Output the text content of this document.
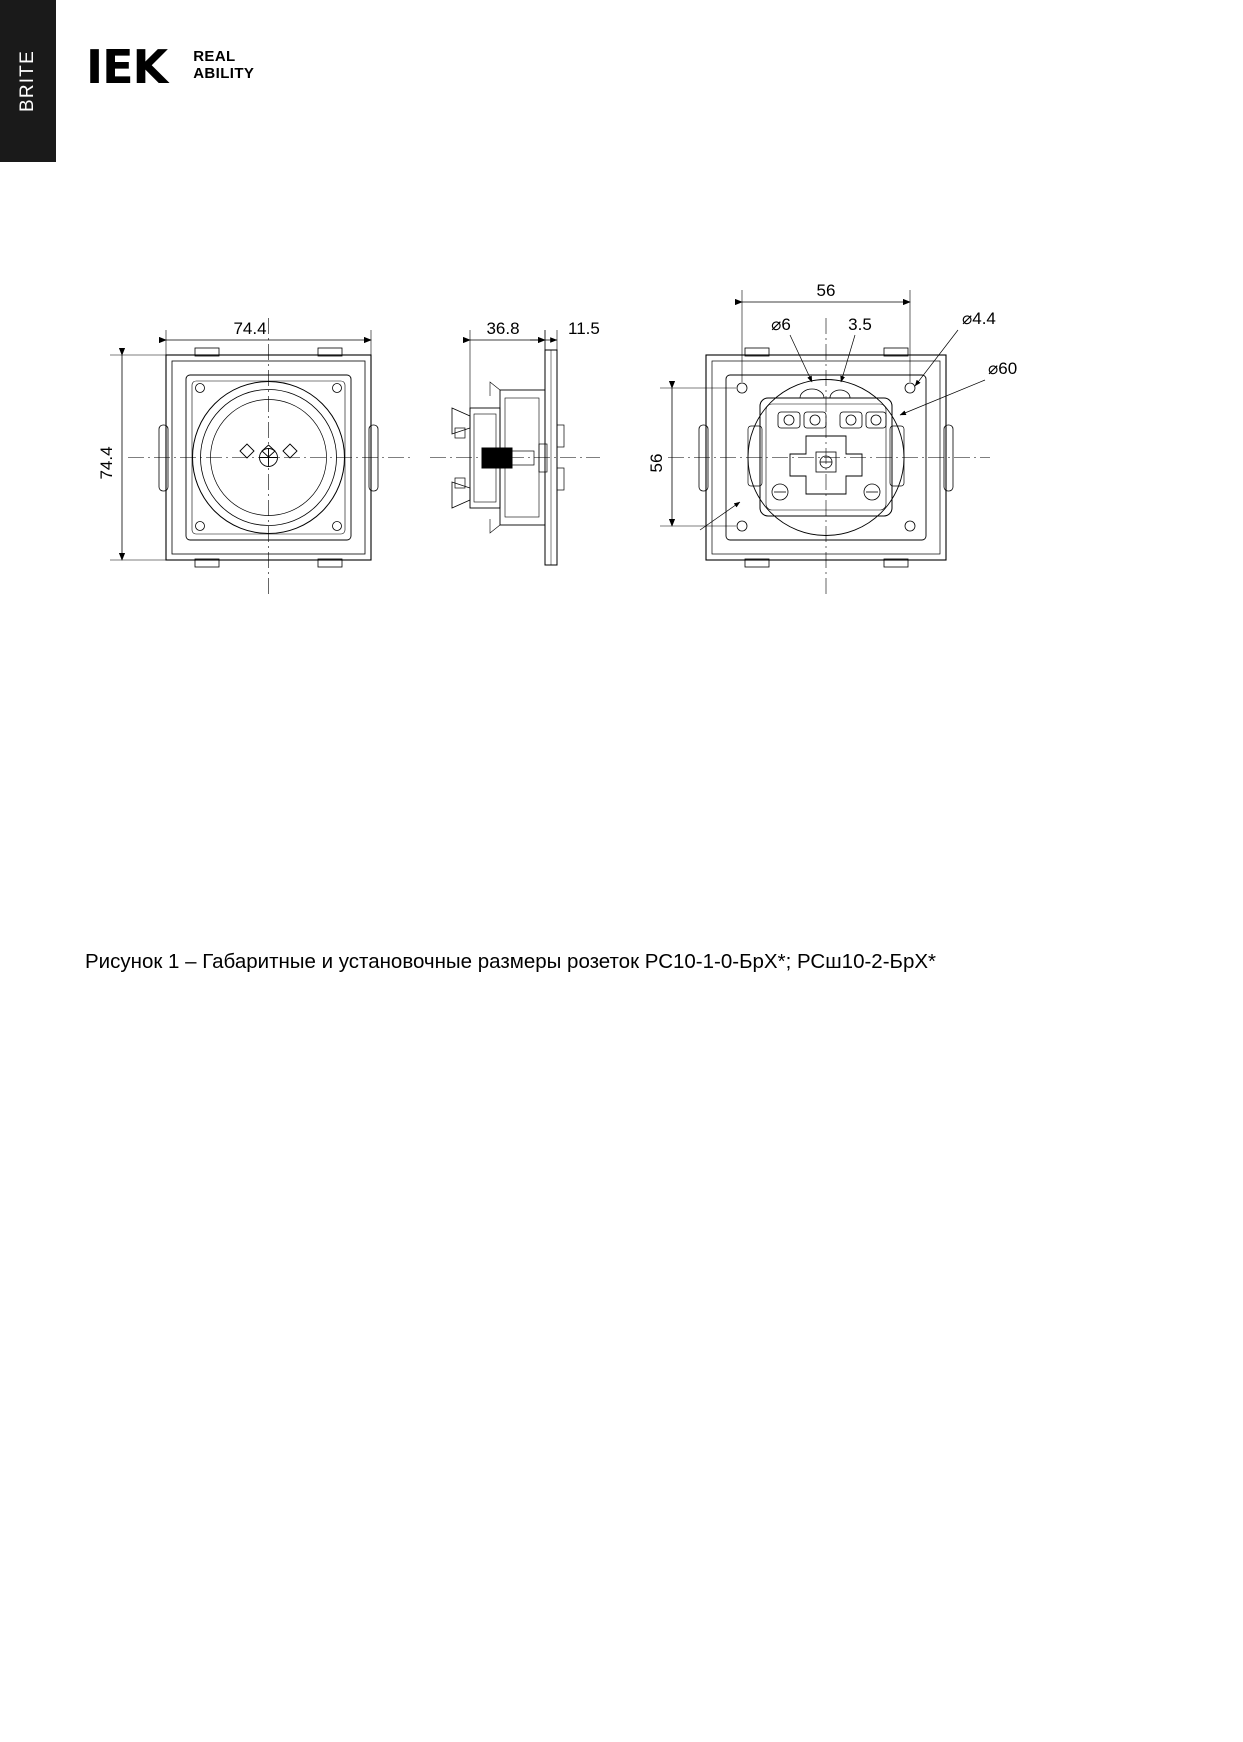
BRITE	IEK REAL
ABILITY
74.4
74.4
36.8	11.5
56
56
⌀6	3.5	⌀4.4
⌀60
Рисунок 1 – Габаритные и установочные размеры розеток РС10-1-0-БрХ*; РСш10-2-БрХ*
